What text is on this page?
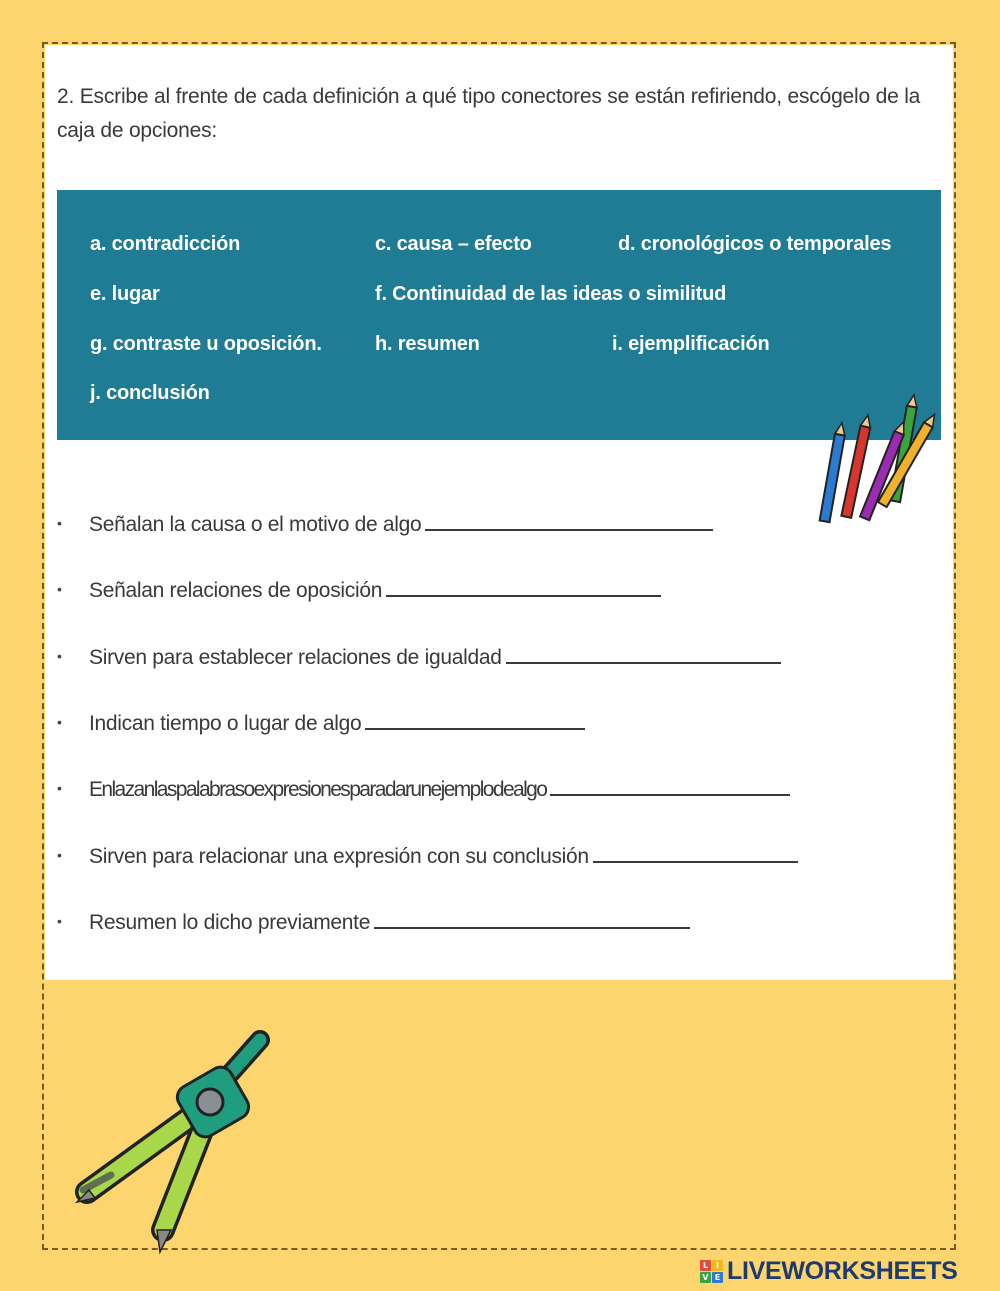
2. Escribe al frente de cada definición a qué tipo conectores se están refiriendo, escógelo de la caja de opciones:
a. contradicción	c. causa – efecto	d. cronológicos o temporales
e. lugar	f. Continuidad de las ideas o similitud
g. contraste u oposición.	h. resumen	i. ejemplificación
j. conclusión
•	Señalan la causa o el motivo de algo
•	Señalan relaciones de oposición
•	Sirven para establecer relaciones de igualdad
•	Indican tiempo o lugar de algo
•	Enlazanlaspalabrasoexpresionesparadarunejemplodealgo
•	Sirven para relacionar una expresión con su conclusión
•	Resumen lo dicho previamente
L I
V E LIVEWORKSHEETS
